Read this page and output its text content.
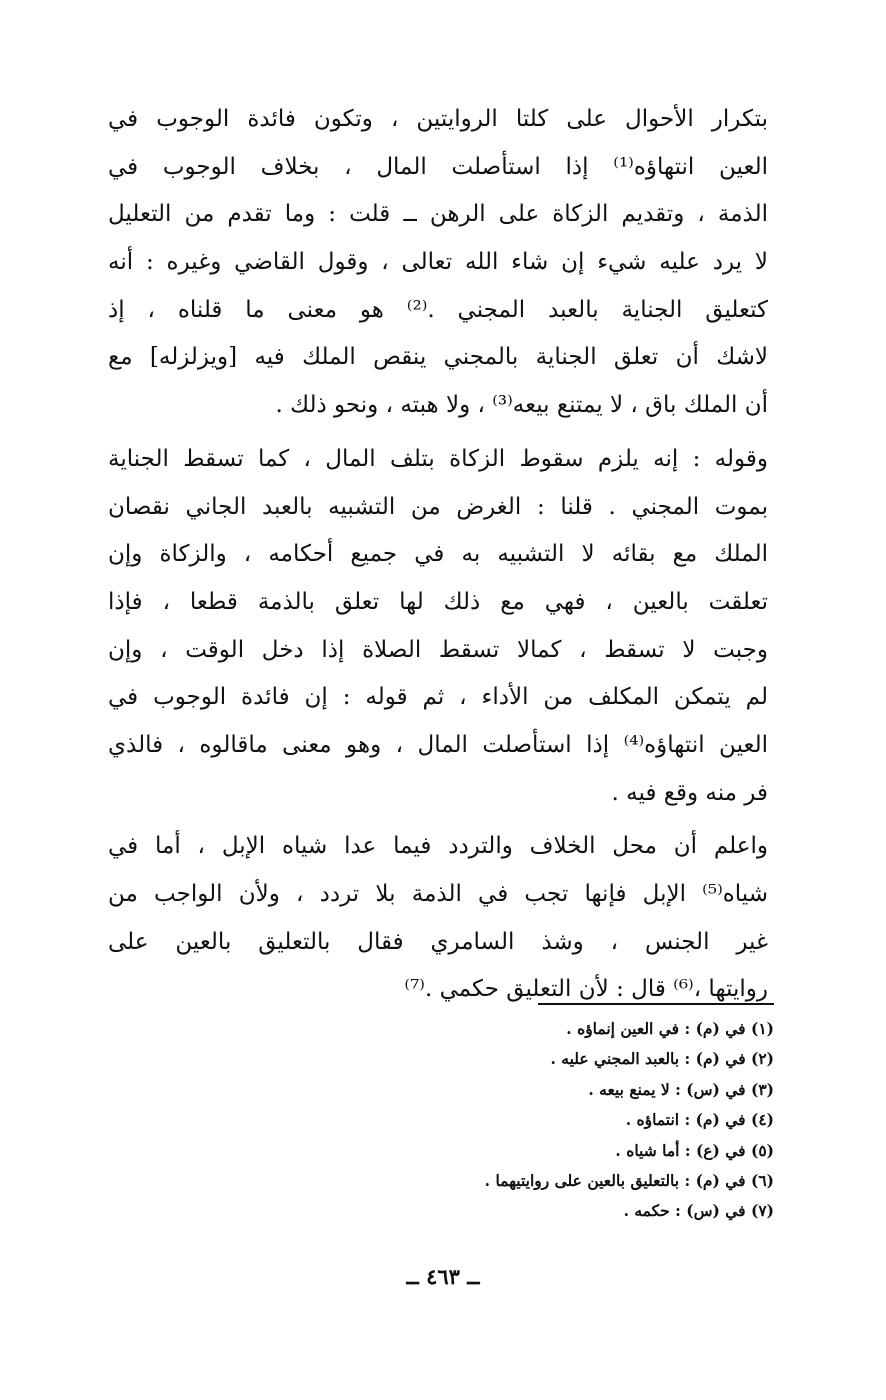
بتكرار الأحوال على كلتا الروايتين ، وتكون فائدة الوجوب في
العين انتهاؤه⁽¹⁾ إذا استأصلت المال ، بخلاف الوجوب في
الذمة ، وتقديم الزكاة على الرهن ــ قلت : وما تقدم من التعليل
لا يرد عليه شيء إن شاء الله تعالى ، وقول القاضي وغيره : أنه
كتعليق الجناية بالعبد المجني .⁽²⁾ هو معنى ما قلناه ، إذ
لاشك أن تعلق الجناية بالمجني ينقص الملك فيه [ويزلزله] مع
أن الملك باق ، لا يمتنع بيعه⁽³⁾ ، ولا هبته ، ونحو ذلك .
وقوله : إنه يلزم سقوط الزكاة بتلف المال ، كما تسقط الجناية
بموت المجني . قلنا : الغرض من التشبيه بالعبد الجاني نقصان
الملك مع بقائه لا التشبيه به في جميع أحكامه ، والزكاة وإن
تعلقت بالعين ، فهي مع ذلك لها تعلق بالذمة قطعا ، فإذا
وجبت لا تسقط ، كمالا تسقط الصلاة إذا دخل الوقت ، وإن
لم يتمكن المكلف من الأداء ، ثم قوله : إن فائدة الوجوب في
العين انتهاؤه⁽⁴⁾ إذا استأصلت المال ، وهو معنى ماقالوه ، فالذي
فر منه وقع فيه .
واعلم أن محل الخلاف والتردد فيما عدا شياه الإبل ، أما في
شياه⁽⁵⁾ الإبل فإنها تجب في الذمة بلا تردد ، ولأن الواجب من
غير الجنس ، وشذ السامري فقال بالتعليق بالعين على
روايتها ،⁽⁶⁾ قال : لأن التعليق حكمي .⁽⁷⁾
(١) في (م) : في العين إنماؤه .
(٢) في (م) : بالعبد المجني عليه .
(٣) في (س) : لا يمنع بيعه .
(٤) في (م) : انتماؤه .
(٥) في (ع) : أما شياه .
(٦) في (م) : بالتعليق بالعين على روايتيهما .
(٧) في (س) : حكمه .
ــ ٤٦٣ ــ
